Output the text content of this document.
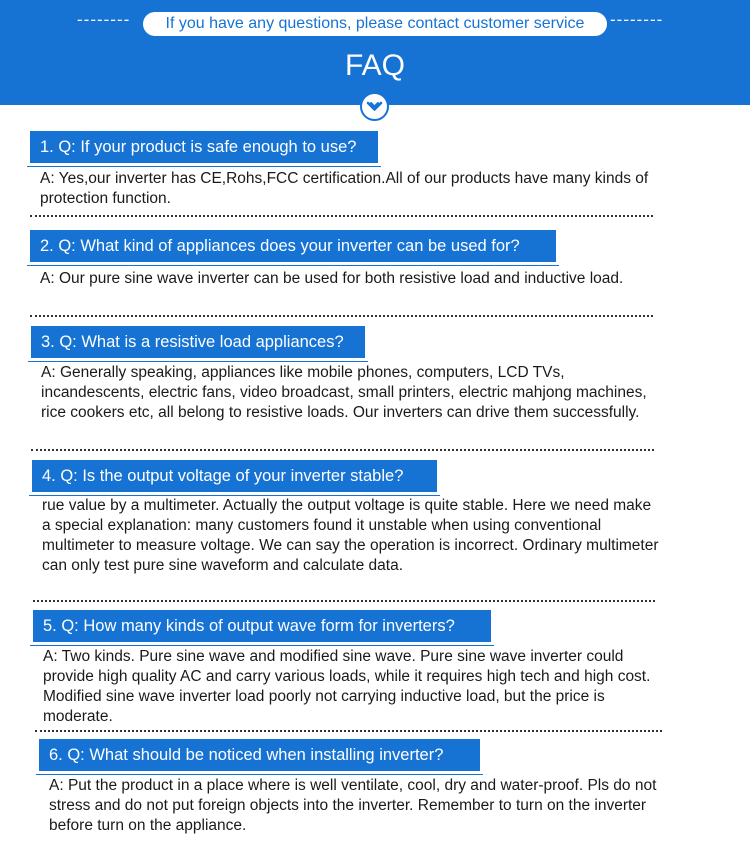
--------	If you have any questions, please contact customer service	--------
FAQ
1. Q: If your product is safe enough to use?
A: Yes,our inverter has CE,Rohs,FCC certification.All of our products have many kinds of protection function.
2. Q: What kind of appliances does your inverter can be used for?
A: Our pure sine wave inverter can be used for both resistive load and inductive load.
3. Q: What is a resistive load appliances?
A: Generally speaking, appliances like mobile phones, computers, LCD TVs, incandescents, electric fans, video broadcast, small printers, electric mahjong machines, rice cookers etc, all belong to resistive loads. Our inverters can drive them successfully.
4. Q: Is the output voltage of your inverter stable?
rue value by a multimeter. Actually the output voltage is quite stable. Here we need make a special explanation: many customers found it unstable when using conventional multimeter to measure voltage. We can say the operation is incorrect. Ordinary multimeter can only test pure sine waveform and calculate data.
5. Q: How many kinds of output wave form for inverters?
A: Two kinds. Pure sine wave and modified sine wave. Pure sine wave inverter could provide high quality AC and carry various loads, while it requires high tech and high cost. Modified sine wave inverter load poorly not carrying inductive load, but the price is moderate.
6. Q: What should be noticed when installing inverter?
A: Put the product in a place where is well ventilate, cool, dry and water-proof. Pls do not stress and do not put foreign objects into the inverter. Remember to turn on the inverter before turn on the appliance.
